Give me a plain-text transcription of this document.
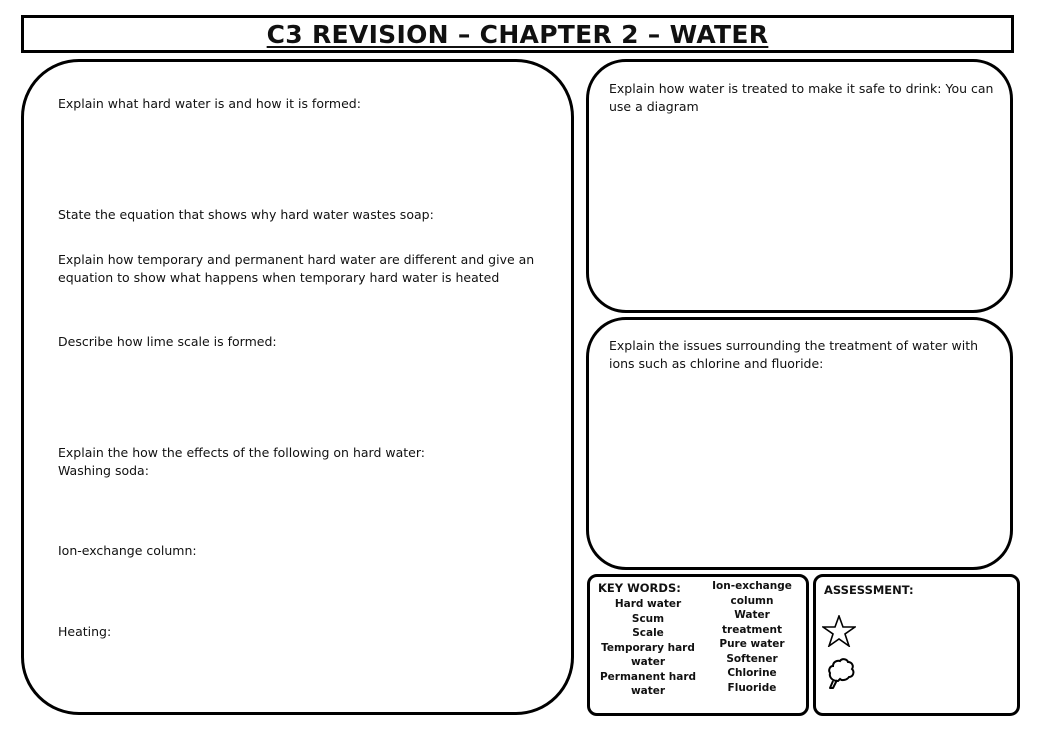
C3 REVISION – CHAPTER 2 – WATER

Explain what hard water is and how it is formed:

State the equation that shows why hard water wastes soap:

Explain how temporary and permanent hard water are different and give an

equation to show what happens when temporary hard water is heated

Describe how lime scale is formed:

Explain the how the effects of the following on hard water:

Washing soda:

Ion-exchange column:

Heating:

Explain how water is treated to make it safe to drink: You can use a diagram

Explain the issues surrounding the treatment of water with ions such as chlorine and fluoride:

KEY WORDS:
Hard water
Scum
Scale
Temporary hard
water
Permanent hard
water
Ion-exchange
column
Water
treatment
Pure water
Softener
Chlorine
Fluoride
ASSESSMENT:
